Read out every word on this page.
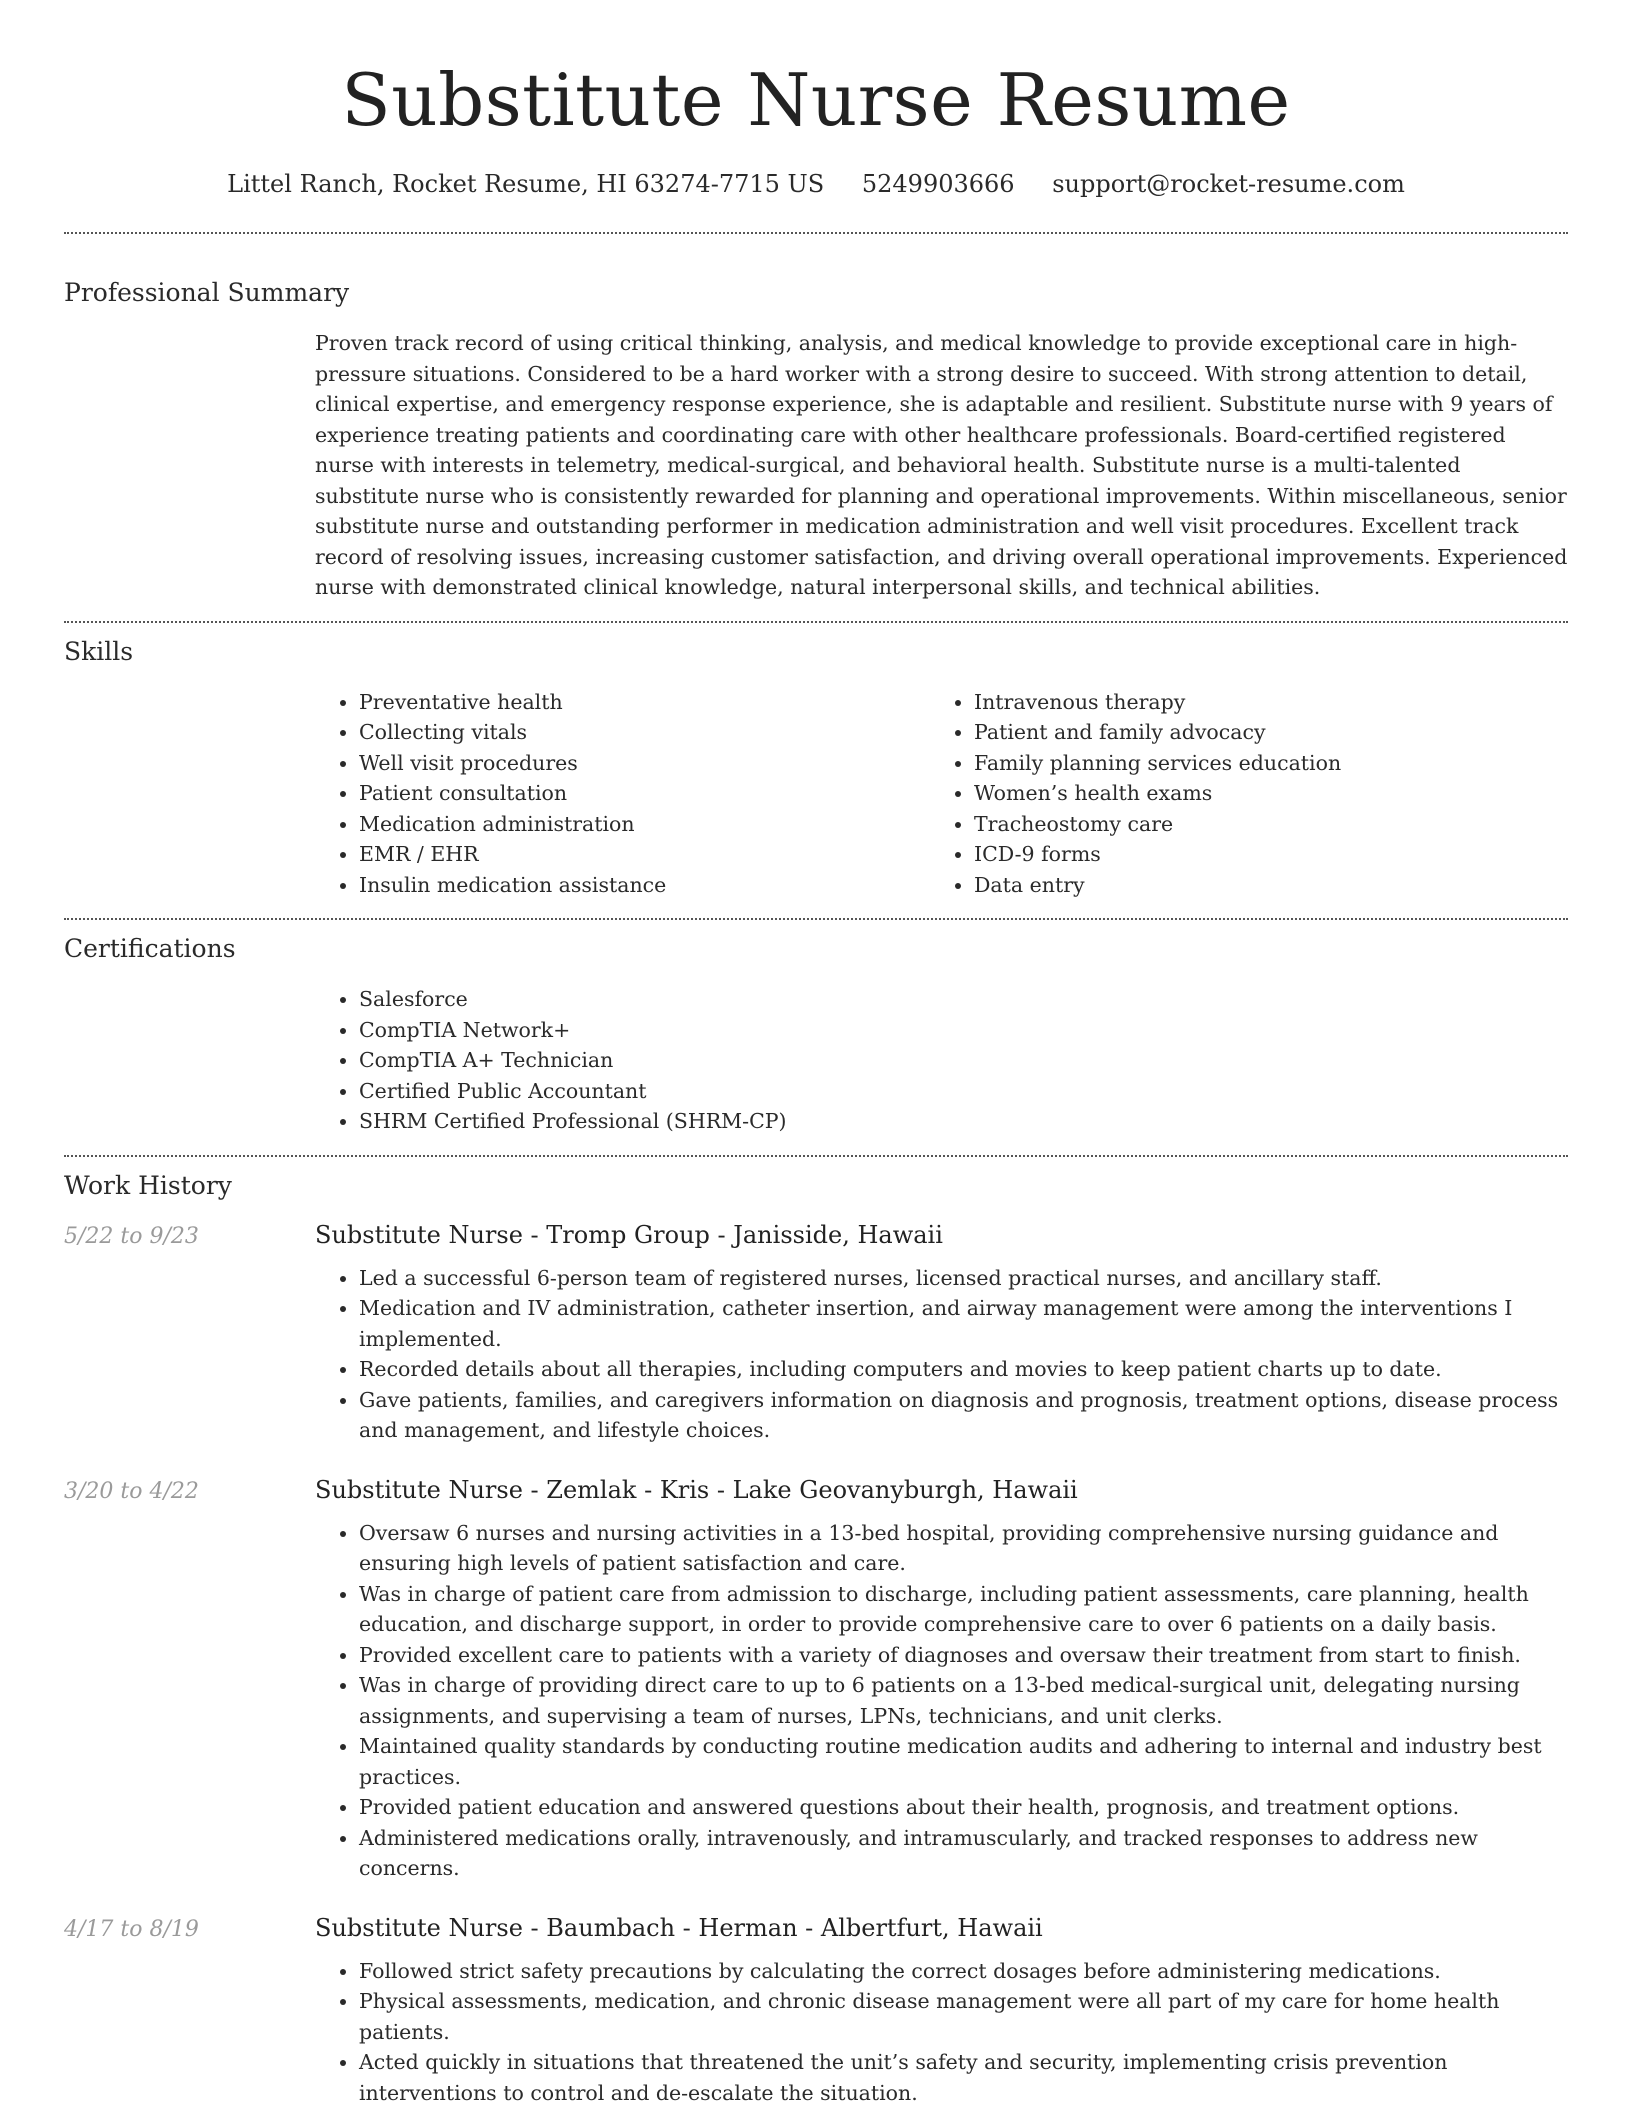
Substitute Nurse Resume
Littel Ranch, Rocket Resume, HI 63274-7715 US 5249903666 support@rocket-resume.com
Professional Summary

Proven track record of using critical thinking, analysis, and medical knowledge to provide exceptional care in high-pressure situations. Considered to be a hard worker with a strong desire to succeed. With strong attention to detail, clinical expertise, and emergency response experience, she is adaptable and resilient. Substitute nurse with 9 years of experience treating patients and coordinating care with other healthcare professionals. Board-certified registered nurse with interests in telemetry, medical-surgical, and behavioral health. Substitute nurse is a multi-talented substitute nurse who is consistently rewarded for planning and operational improvements. Within miscellaneous, senior substitute nurse and outstanding performer in medication administration and well visit procedures. Excellent track record of resolving issues, increasing customer satisfaction, and driving overall operational improvements. Experienced nurse with demonstrated clinical knowledge, natural interpersonal skills, and technical abilities.

Skills
• Preventative health
• Collecting vitals
• Well visit procedures
• Patient consultation
• Medication administration
• EMR / EHR
• Insulin medication assistance
• Intravenous therapy
• Patient and family advocacy
• Family planning services education
• Women’s health exams
• Tracheostomy care
• ICD-9 forms
• Data entry
Certifications
• Salesforce
• CompTIA Network+
• CompTIA A+ Technician
• Certified Public Accountant
• SHRM Certified Professional (SHRM-CP)
Work History
5/22 to 9/23	Substitute Nurse - Tromp Group - Janisside, Hawaii
• Led a successful 6-person team of registered nurses, licensed practical nurses, and ancillary staff.
• Medication and IV administration, catheter insertion, and airway management were among the interventions I implemented.
• Recorded details about all therapies, including computers and movies to keep patient charts up to date.
• Gave patients, families, and caregivers information on diagnosis and prognosis, treatment options, disease process and management, and lifestyle choices.
3/20 to 4/22	Substitute Nurse - Zemlak - Kris - Lake Geovanyburgh, Hawaii
• Oversaw 6 nurses and nursing activities in a 13-bed hospital, providing comprehensive nursing guidance and ensuring high levels of patient satisfaction and care.
• Was in charge of patient care from admission to discharge, including patient assessments, care planning, health education, and discharge support, in order to provide comprehensive care to over 6 patients on a daily basis.
• Provided excellent care to patients with a variety of diagnoses and oversaw their treatment from start to finish.
• Was in charge of providing direct care to up to 6 patients on a 13-bed medical-surgical unit, delegating nursing assignments, and supervising a team of nurses, LPNs, technicians, and unit clerks.
• Maintained quality standards by conducting routine medication audits and adhering to internal and industry best practices.
• Provided patient education and answered questions about their health, prognosis, and treatment options.
• Administered medications orally, intravenously, and intramuscularly, and tracked responses to address new concerns.
4/17 to 8/19	Substitute Nurse - Baumbach - Herman - Albertfurt, Hawaii
• Followed strict safety precautions by calculating the correct dosages before administering medications.
• Physical assessments, medication, and chronic disease management were all part of my care for home health patients.
• Acted quickly in situations that threatened the unit’s safety and security, implementing crisis prevention interventions to control and de-escalate the situation.
